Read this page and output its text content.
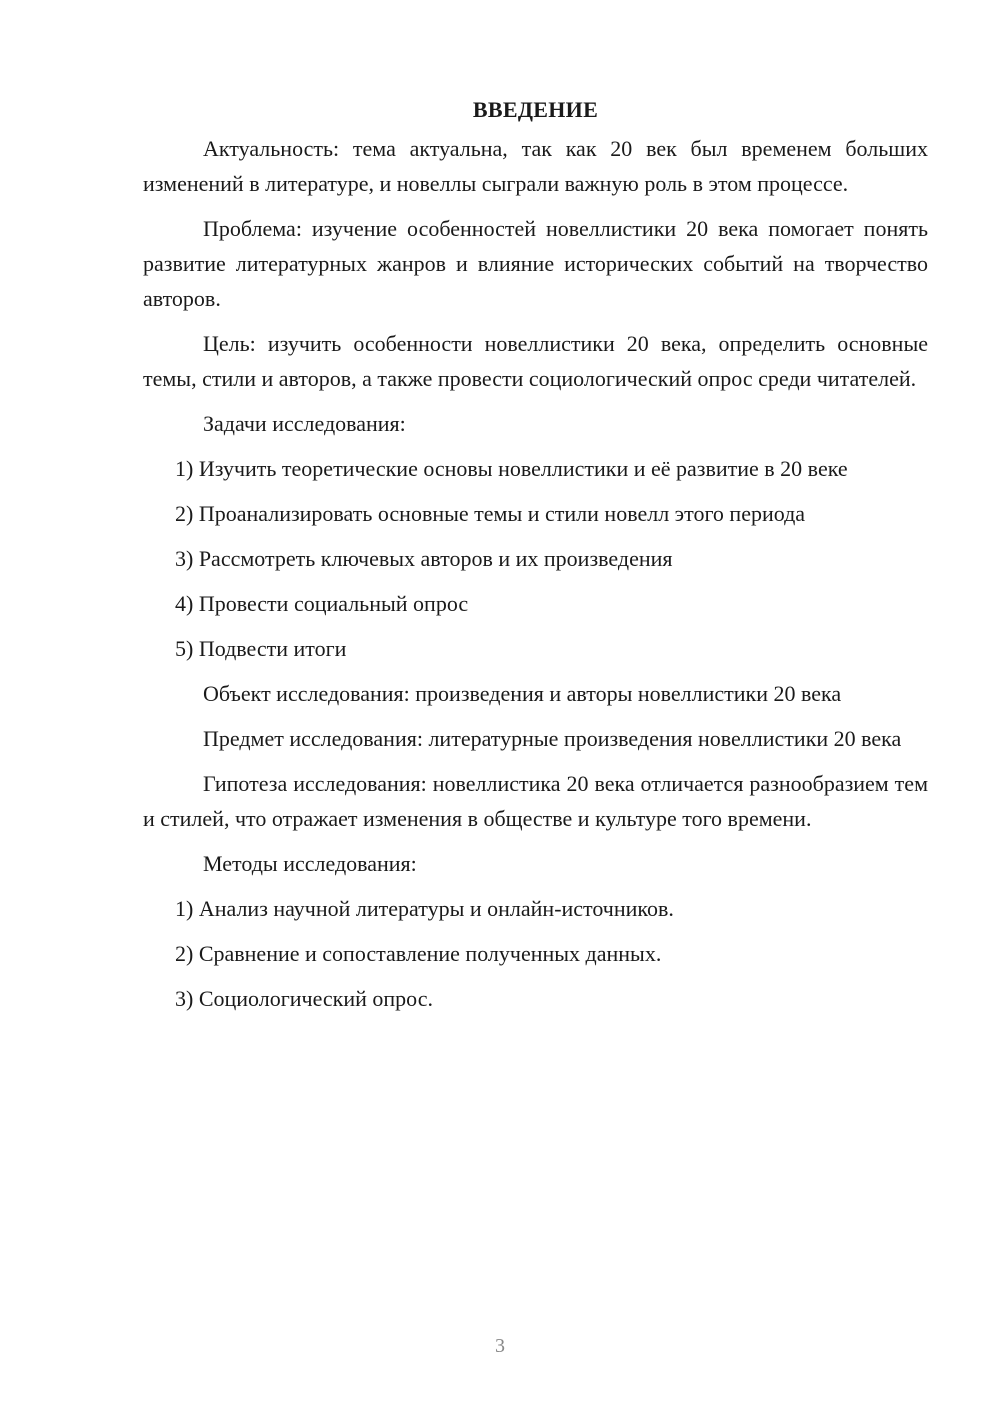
ВВЕДЕНИЕ
Актуальность: тема актуальна, так как 20 век был временем больших изменений в литературе, и новеллы сыграли важную роль в этом процессе.
Проблема: изучение особенностей новеллистики 20 века помогает понять развитие литературных жанров и влияние исторических событий на творчество авторов.
Цель: изучить особенности новеллистики 20 века, определить основные темы, стили и авторов, а также провести социологический опрос среди читателей.
Задачи исследования:
1) Изучить теоретические основы новеллистики и её развитие в 20 веке
2) Проанализировать основные темы и стили новелл этого периода
3) Рассмотреть ключевых авторов и их произведения
4) Провести социальный опрос
5) Подвести итоги
Объект исследования: произведения и авторы новеллистики 20 века
Предмет исследования: литературные произведения новеллистики 20 века
Гипотеза исследования: новеллистика 20 века отличается разнообразием тем и стилей, что отражает изменения в обществе и культуре того времени.
Методы исследования:
1) Анализ научной литературы и онлайн-источников.
2) Сравнение и сопоставление полученных данных.
3) Социологический опрос.
3
